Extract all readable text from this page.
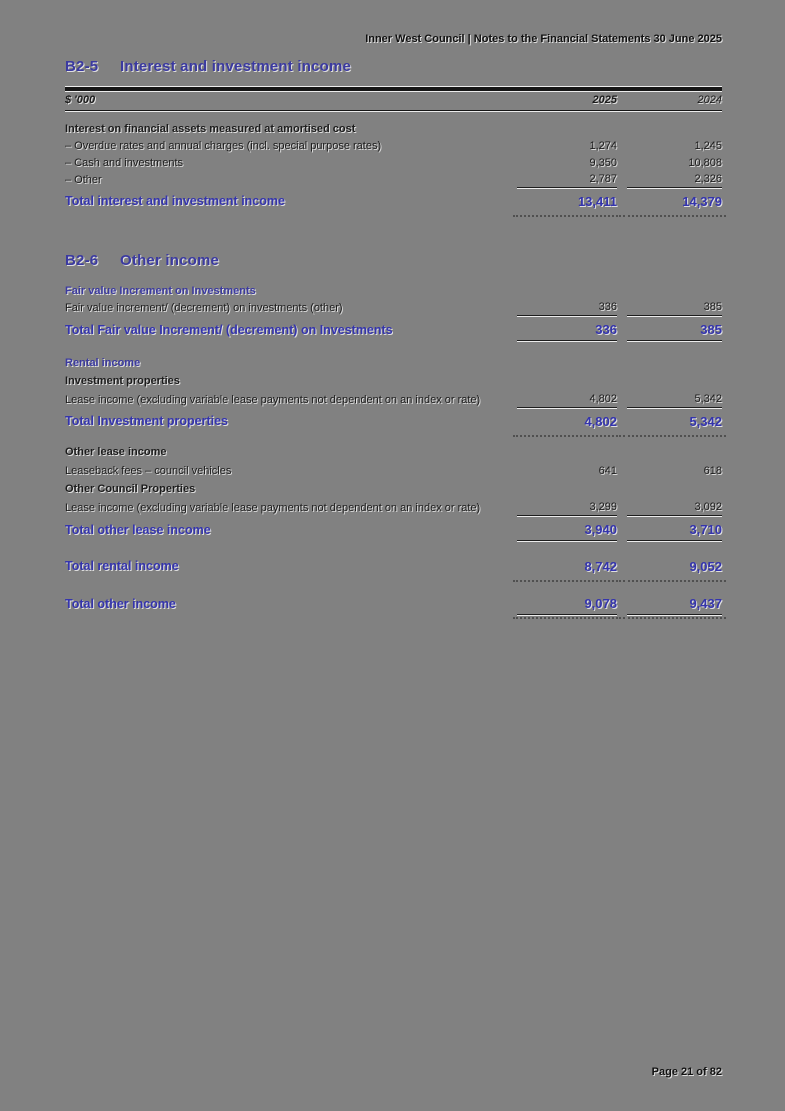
Inner West Council | Notes to the Financial Statements 30 June 2025
B2-5 Interest and investment income
$ '000	2025	2024
Interest on financial assets measured at amortised cost
– Overdue rates and annual charges (incl. special purpose rates)	1,274	1,245
– Cash and investments	9,350	10,808
– Other	2,787	2,326
Total interest and investment income	13,411	14,379
B2-6 Other income
Fair value Increment on Investments
Fair value increment/ (decrement) on investments (other)	336	385
Total Fair value Increment/ (decrement) on Investments	336	385
Rental income
Investment properties
Lease income (excluding variable lease payments not dependent on an index or rate)	4,802	5,342
Total Investment properties	4,802	5,342
Other lease income
Leaseback fees – council vehicles	641	618
Other Council Properties
Lease income (excluding variable lease payments not dependent on an index or rate)	3,299	3,092
Total other lease income	3,940	3,710
Total rental income	8,742	9,052
Total other income	9,078	9,437
Page 21 of 82
